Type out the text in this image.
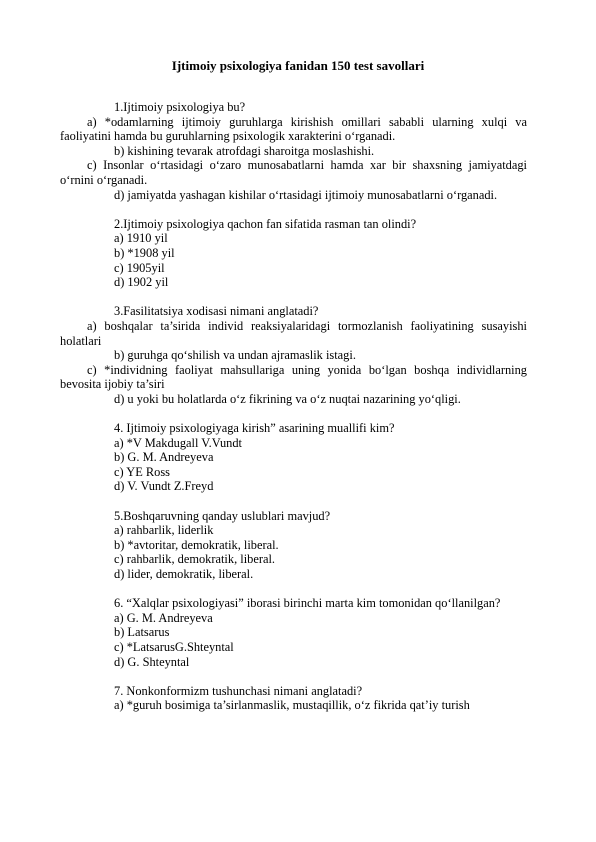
Ijtimoiy psixologiya fanidan 150 test savollari
1.Ijtimoiy psixologiya bu?
a) *odamlarning ijtimoiy guruhlarga kirishish omillari sababli ularning xulqi va faoliyatini hamda bu guruhlarning psixologik xarakterini o‘rganadi.
b) kishining tevarak atrofdagi sharoitga moslashishi.
c) Insonlar o‘rtasidagi o‘zaro munosabatlarni hamda xar bir shaxsning jamiyatdagi o‘rnini o‘rganadi.
d) jamiyatda yashagan kishilar o‘rtasidagi ijtimoiy munosabatlarni o‘rganadi.
2.Ijtimoiy psixologiya qachon fan sifatida rasman tan olindi?
a) 1910 yil
b) *1908 yil
c) 1905yil
d) 1902 yil
3.Fasilitatsiya xodisasi nimani anglatadi?
a) boshqalar ta’sirida individ reaksiyalaridagi tormozlanish faoliyatining susayishi holatlari
b) guruhga qo‘shilish va undan ajramaslik istagi.
c) *individning faoliyat mahsullariga uning yonida bo‘lgan boshqa individlarning bevosita ijobiy ta’siri
d) u yoki bu holatlarda o‘z fikrining va o‘z nuqtai nazarining yo‘qligi.
4. Ijtimoiy psixologiyaga kirish” asarining muallifi kim?
a) *V Makdugall V.Vundt
b) G. M. Andreyeva
c) YE Ross
d) V. Vundt Z.Freyd
5.Boshqaruvning qanday uslublari mavjud?
a) rahbarlik, liderlik
b) *avtoritar, demokratik, liberal.
c) rahbarlik, demokratik, liberal.
d) lider, demokratik, liberal.
6. “Xalqlar psixologiyasi” iborasi birinchi marta kim tomonidan qo‘llanilgan?
a) G. M. Andreyeva
b) Latsarus
c) *LatsarusG.Shteyntal
d) G. Shteyntal
7. Nonkonformizm tushunchasi nimani anglatadi?
a) *guruh bosimiga ta’sirlanmaslik, mustaqillik, o‘z fikrida qat’iy turish
